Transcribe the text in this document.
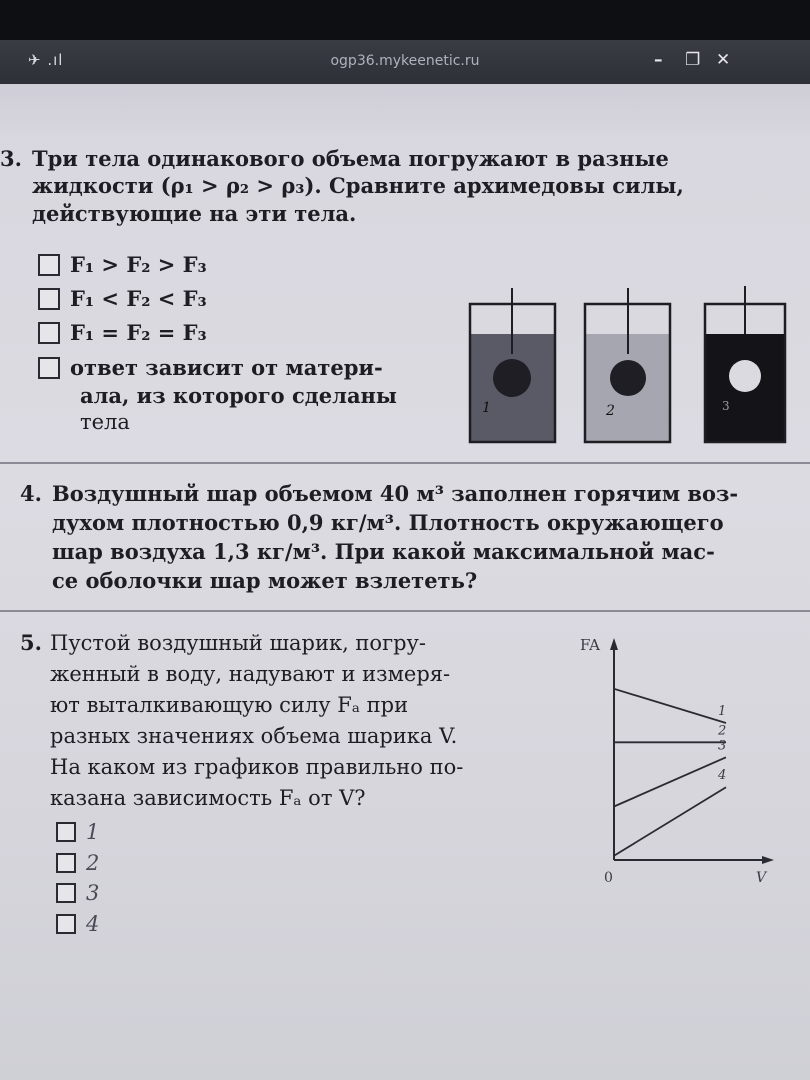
✈ .ıl	ogp36.mykeenetic.ru	– ❐ ✕
3. Три тела одинакового объема погружают в разные
жидкости (ρ₁ > ρ₂ > ρ₃). Сравните архимедовы силы,
действующие на эти тела.
F₁ > F₂ > F₃
F₁ < F₂ < F₃
F₁ = F₂ = F₃
ответ зависит от матери-
ала, из которого сделаны
тела
1	2	3
4. Воздушный шар объемом 40 м³ заполнен горячим воз-
духом плотностью 0,9 кг/м³. Плотность окружающего
шар воздуха 1,3 кг/м³. При какой максимальной мас-
се оболочки шар может взлететь?
5. Пустой воздушный шарик, погру-
женный в воду, надувают и измеря-
ют выталкивающую силу Fₐ при
разных значениях объема шарика V.
На каком из графиков правильно по-
казана зависимость Fₐ от V?
1
2
3
4
FA
V
0
1
2
3
4
